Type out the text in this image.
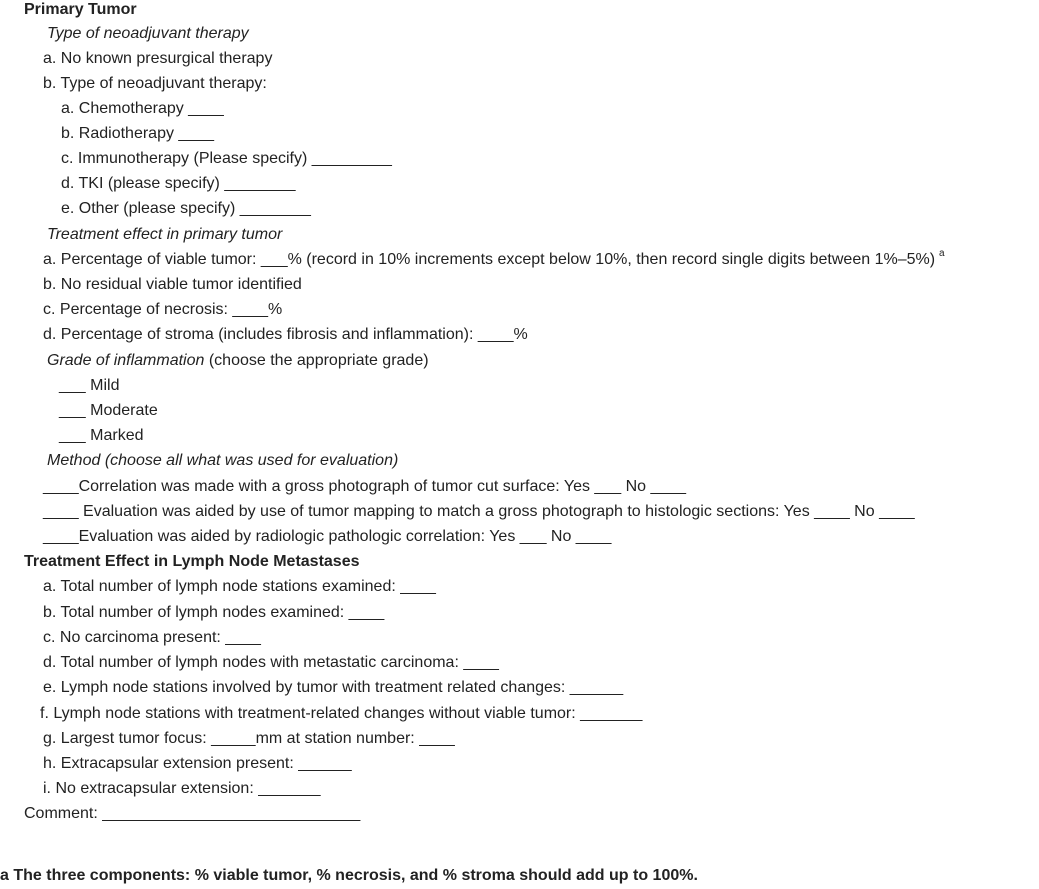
Primary Tumor
Type of neoadjuvant therapy
a. No known presurgical therapy
b. Type of neoadjuvant therapy:
a. Chemotherapy ____
b. Radiotherapy ____
c. Immunotherapy (Please specify) _________
d. TKI (please specify) ________
e. Other (please specify) ________
Treatment effect in primary tumor
a. Percentage of viable tumor: ___% (record in 10% increments except below 10%, then record single digits between 1%–5%) $^a$
b. No residual viable tumor identified
c. Percentage of necrosis: ____%
d. Percentage of stroma (includes fibrosis and inflammation): ____%
Grade of inflammation (choose the appropriate grade)
___ Mild
___ Moderate
___ Marked
Method (choose all what was used for evaluation)
____Correlation was made with a gross photograph of tumor cut surface: Yes ___ No ____
____ Evaluation was aided by use of tumor mapping to match a gross photograph to histologic sections: Yes ____ No ____
____Evaluation was aided by radiologic pathologic correlation: Yes ___ No ____
Treatment Effect in Lymph Node Metastases
a. Total number of lymph node stations examined: ____
b. Total number of lymph nodes examined: ____
c. No carcinoma present: ____
d. Total number of lymph nodes with metastatic carcinoma: ____
e. Lymph node stations involved by tumor with treatment related changes: ______
f. Lymph node stations with treatment-related changes without viable tumor: _______
g. Largest tumor focus: _____mm at station number: ____
h. Extracapsular extension present: ______
i. No extracapsular extension: _______
Comment: _____________________________
a The three components: % viable tumor, % necrosis, and % stroma should add up to 100%.
